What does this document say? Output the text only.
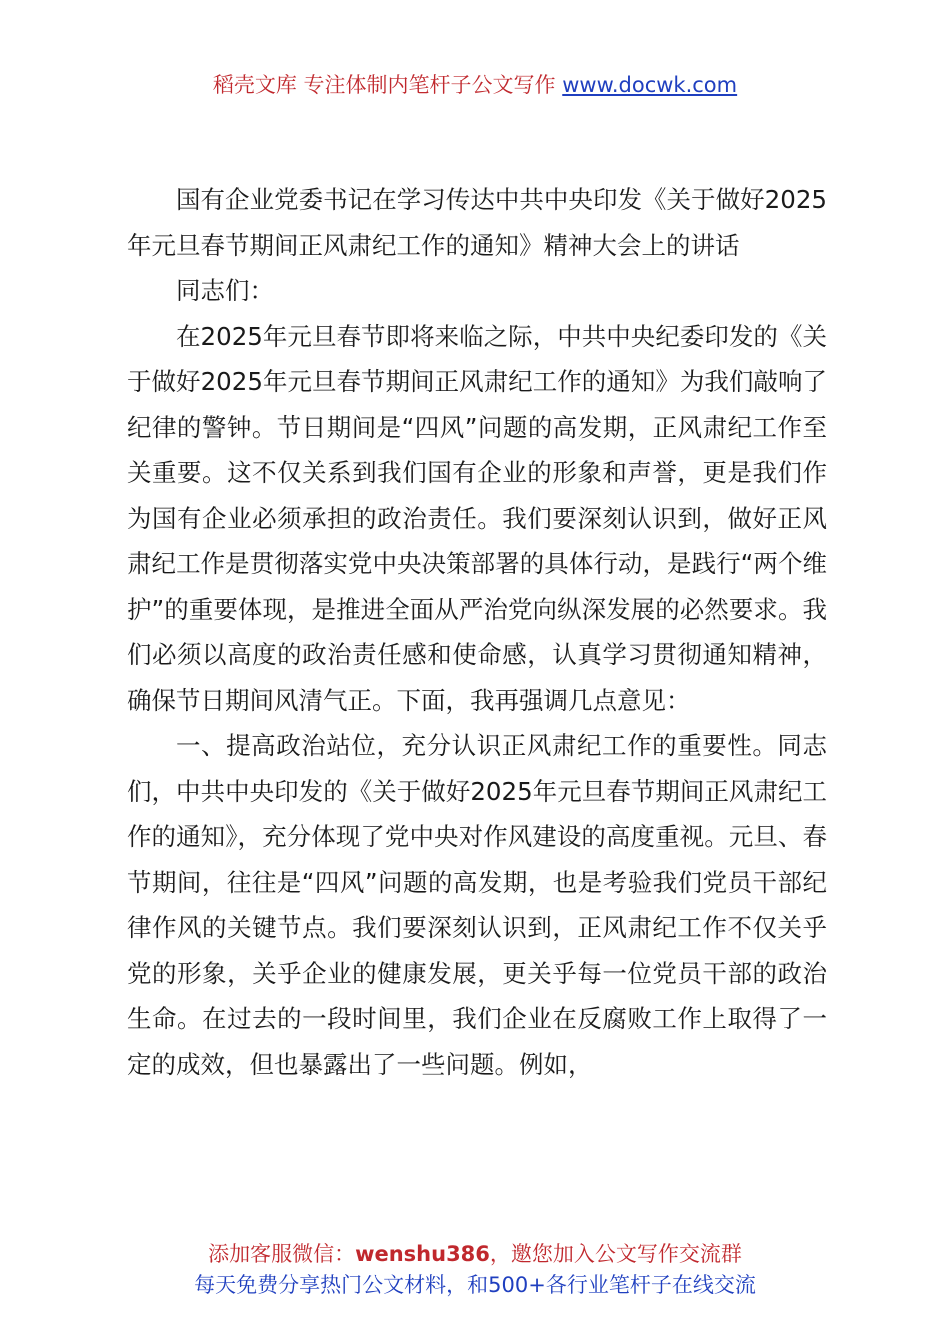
稻壳文库 专注体制内笔杆子公文写作 www.docwk.com

国有企业党委书记在学习传达中共中央印发《关于做好2025年元旦春节期间正风肃纪工作的通知》精神大会上的讲话

同志们：

在2025年元旦春节即将来临之际，中共中央纪委印发的《关于做好2025年元旦春节期间正风肃纪工作的通知》为我们敲响了纪律的警钟。节日期间是“四风”问题的高发期，正风肃纪工作至关重要。这不仅关系到我们国有企业的形象和声誉，更是我们作为国有企业必须承担的政治责任。我们要深刻认识到，做好正风肃纪工作是贯彻落实党中央决策部署的具体行动，是践行“两个维护”的重要体现，是推进全面从严治党向纵深发展的必然要求。我们必须以高度的政治责任感和使命感，认真学习贯彻通知精神，确保节日期间风清气正。下面，我再强调几点意见：

一、提高政治站位，充分认识正风肃纪工作的重要性。同志们，中共中央印发的《关于做好2025年元旦春节期间正风肃纪工作的通知》，充分体现了党中央对作风建设的高度重视。元旦、春节期间，往往是“四风”问题的高发期，也是考验我们党员干部纪律作风的关键节点。我们要深刻认识到，正风肃纪工作不仅关乎党的形象，关乎企业的健康发展，更关乎每一位党员干部的政治生命。在过去的一段时间里，我们企业在反腐败工作上取得了一定的成效，但也暴露出了一些问题。例如，

添加客服微信：wenshu386，邀您加入公文写作交流群
每天免费分享热门公文材料，和500+各行业笔杆子在线交流
